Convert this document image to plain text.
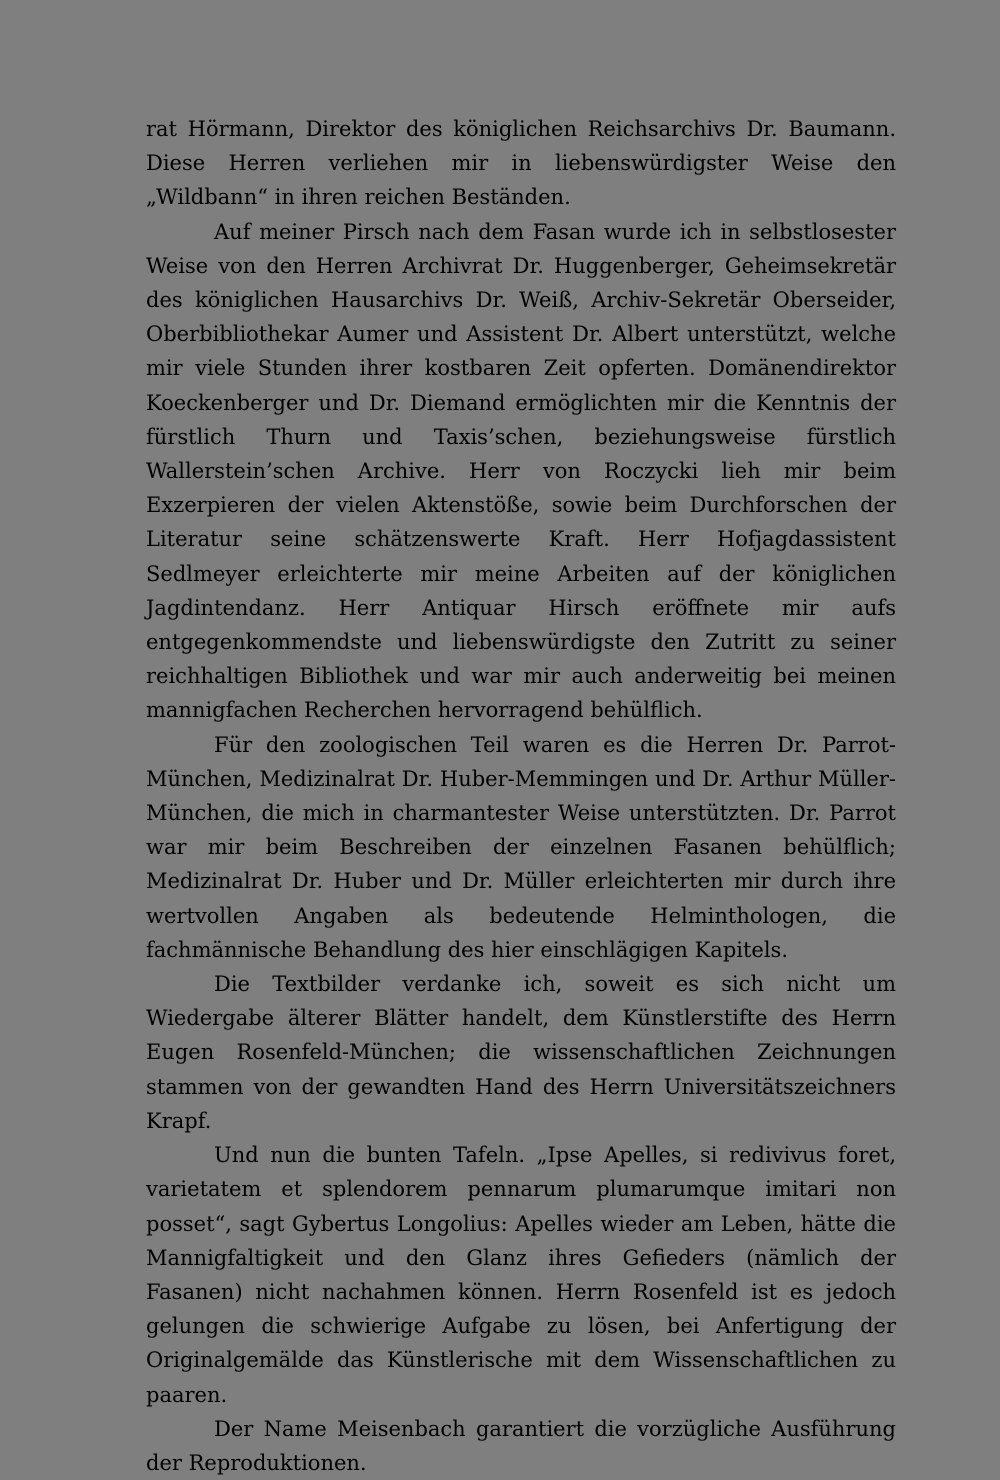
rat Hörmann, Direktor des königlichen Reichsarchivs Dr. Baumann. Diese Herren verliehen mir in liebenswürdigster Weise den „Wildbann“ in ihren reichen Beständen.

Auf meiner Pirsch nach dem Fasan wurde ich in selbstlosester Weise von den Herren Archivrat Dr. Huggenberger, Geheimsekretär des königlichen Hausarchivs Dr. Weiß, Archiv-Sekretär Oberseider, Oberbibliothekar Aumer und Assistent Dr. Albert unterstützt, welche mir viele Stunden ihrer kostbaren Zeit opferten. Domänendirektor Koeckenberger und Dr. Diemand ermöglichten mir die Kenntnis der fürstlich Thurn und Taxis’schen, beziehungsweise fürstlich Wallerstein’schen Archive. Herr von Roczycki lieh mir beim Exzerpieren der vielen Aktenstöße, sowie beim Durchforschen der Literatur seine schätzenswerte Kraft. Herr Hofjagdassistent Sedlmeyer erleichterte mir meine Arbeiten auf der königlichen Jagdintendanz. Herr Antiquar Hirsch eröffnete mir aufs entgegenkommendste und liebenswürdigste den Zutritt zu seiner reichhaltigen Bibliothek und war mir auch anderweitig bei meinen mannigfachen Recherchen hervorragend behülflich.

Für den zoologischen Teil waren es die Herren Dr. Parrot-München, Medizinalrat Dr. Huber-Memmingen und Dr. Arthur Müller-München, die mich in charmantester Weise unterstützten. Dr. Parrot war mir beim Beschreiben der einzelnen Fasanen behülflich; Medizinalrat Dr. Huber und Dr. Müller erleichterten mir durch ihre wertvollen Angaben als bedeutende Helminthologen, die fachmännische Behandlung des hier einschlägigen Kapitels.

Die Textbilder verdanke ich, soweit es sich nicht um Wiedergabe älterer Blätter handelt, dem Künstlerstifte des Herrn Eugen Rosenfeld-München; die wissenschaftlichen Zeichnungen stammen von der gewandten Hand des Herrn Universitätszeichners Krapf.

Und nun die bunten Tafeln. „Ipse Apelles, si redivivus foret, varietatem et splendorem pennarum plumarumque imitari non posset“, sagt Gybertus Longolius: Apelles wieder am Leben, hätte die Mannigfaltigkeit und den Glanz ihres Gefieders (nämlich der Fasanen) nicht nachahmen können. Herrn Rosenfeld ist es jedoch gelungen die schwierige Aufgabe zu lösen, bei Anfertigung der Originalgemälde das Künstlerische mit dem Wissenschaftlichen zu paaren.

Der Name Meisenbach garantiert die vorzügliche Ausführung der Reproduktionen.
